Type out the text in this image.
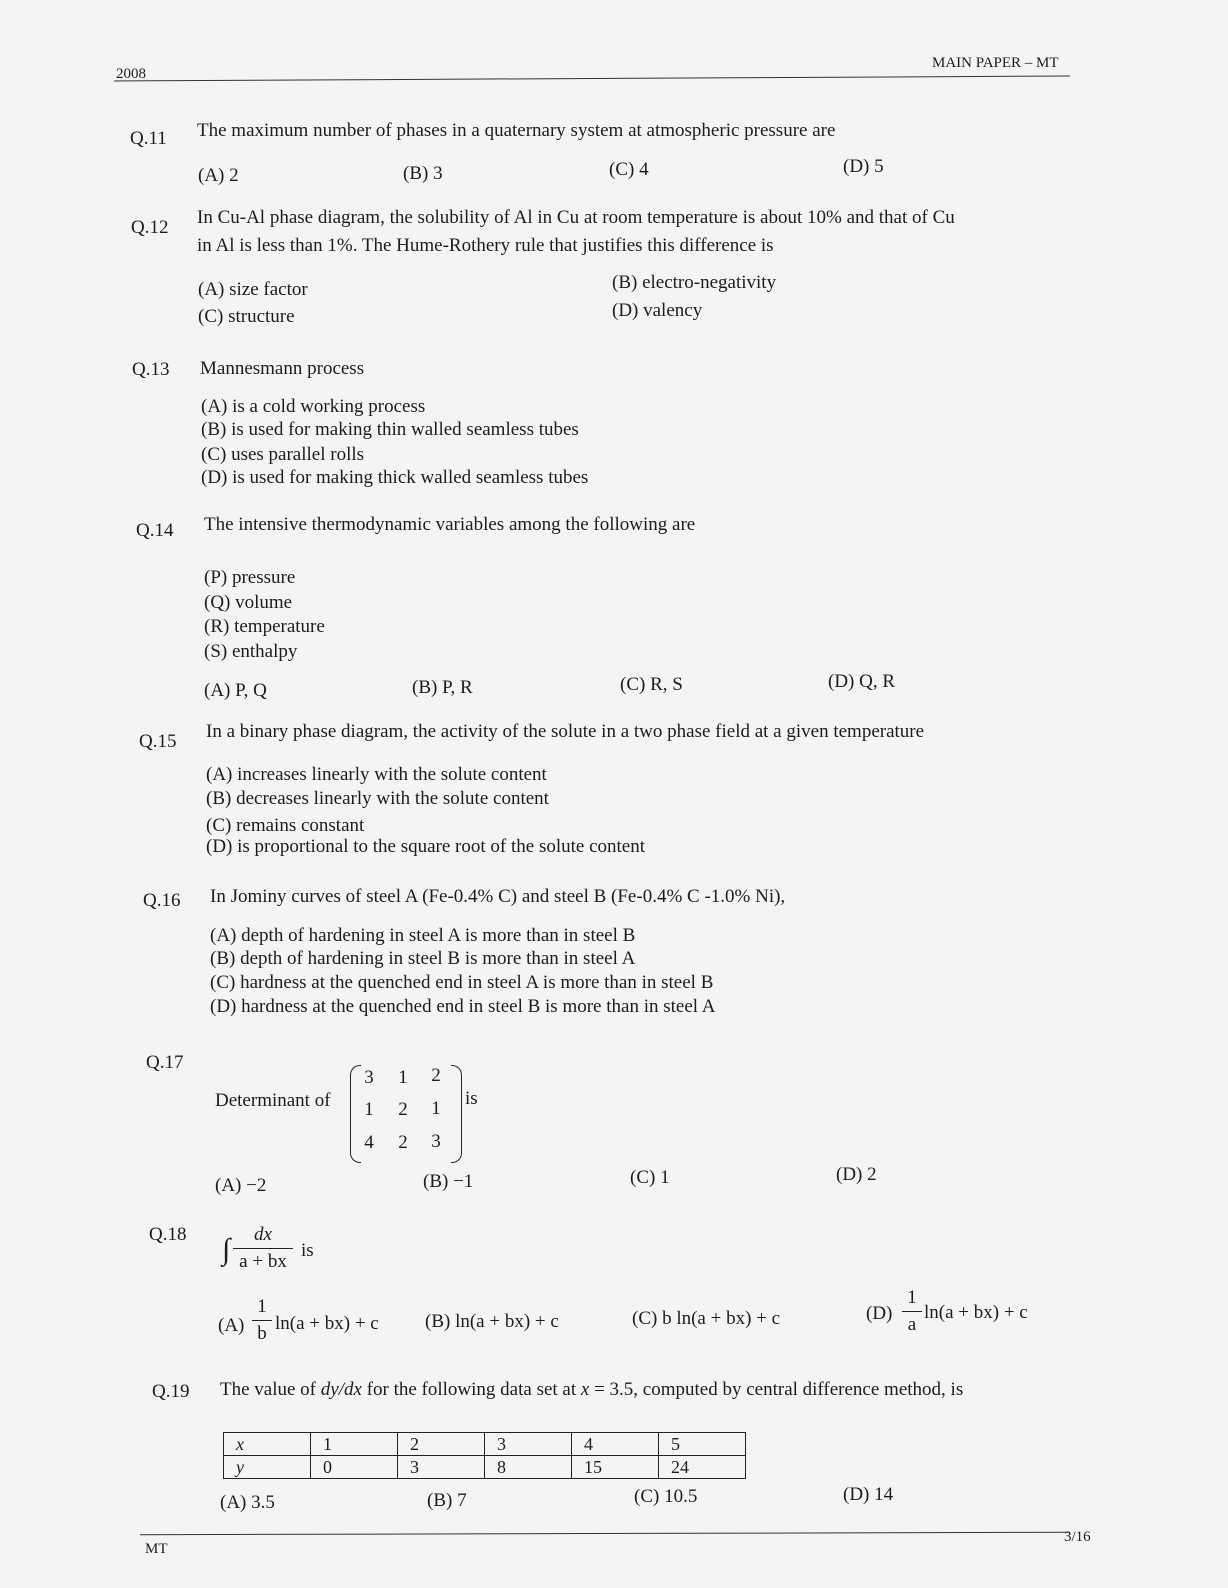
2008
MAIN PAPER – MT
Q.11 The maximum number of phases in a quaternary system at atmospheric pressure are
(A) 2	(B) 3	(C) 4	(D) 5
Q.12 In Cu-Al phase diagram, the solubility of Al in Cu at room temperature is about 10% and that of Cu
in Al is less than 1%. The Hume-Rothery rule that justifies this difference is
(A) size factor	(B) electro-negativity
(C) structure	(D) valency
Q.13 Mannesmann process
(A) is a cold working process
(B) is used for making thin walled seamless tubes
(C) uses parallel rolls
(D) is used for making thick walled seamless tubes
Q.14 The intensive thermodynamic variables among the following are
(P) pressure
(Q) volume
(R) temperature
(S) enthalpy
(A) P, Q	(B) P, R	(C) R, S	(D) Q, R
Q.15 In a binary phase diagram, the activity of the solute in a two phase field at a given temperature
(A) increases linearly with the solute content
(B) decreases linearly with the solute content
(C) remains constant
(D) is proportional to the square root of the solute content
Q.16 In Jominy curves of steel A (Fe-0.4% C) and steel B (Fe-0.4% C -1.0% Ni),
(A) depth of hardening in steel A is more than in steel B
(B) depth of hardening in steel B is more than in steel A
(C) hardness at the quenched end in steel A is more than in steel B
(D) hardness at the quenched end in steel B is more than in steel A
Q.17
Determinant of
3	1	2
1	2	1
4	2	3
is
(A) −2	(B) −1	(C) 1	(D) 2
Q.18 ∫	dx
a + bx
is
(A)
1
b ln(a + bx) + c (B) ln(a + bx) + c	(C) b ln(a + bx) + c	(D)
1
a
ln(a + bx) + c
Q.19 The value of dy/dx for the following data set at x = 3.5, computed by central difference method, is
x	1	2	3	4	5
y	0	3	8	15	24
(A) 3.5	(B) 7	(C) 10.5	(D) 14
MT
3/16
